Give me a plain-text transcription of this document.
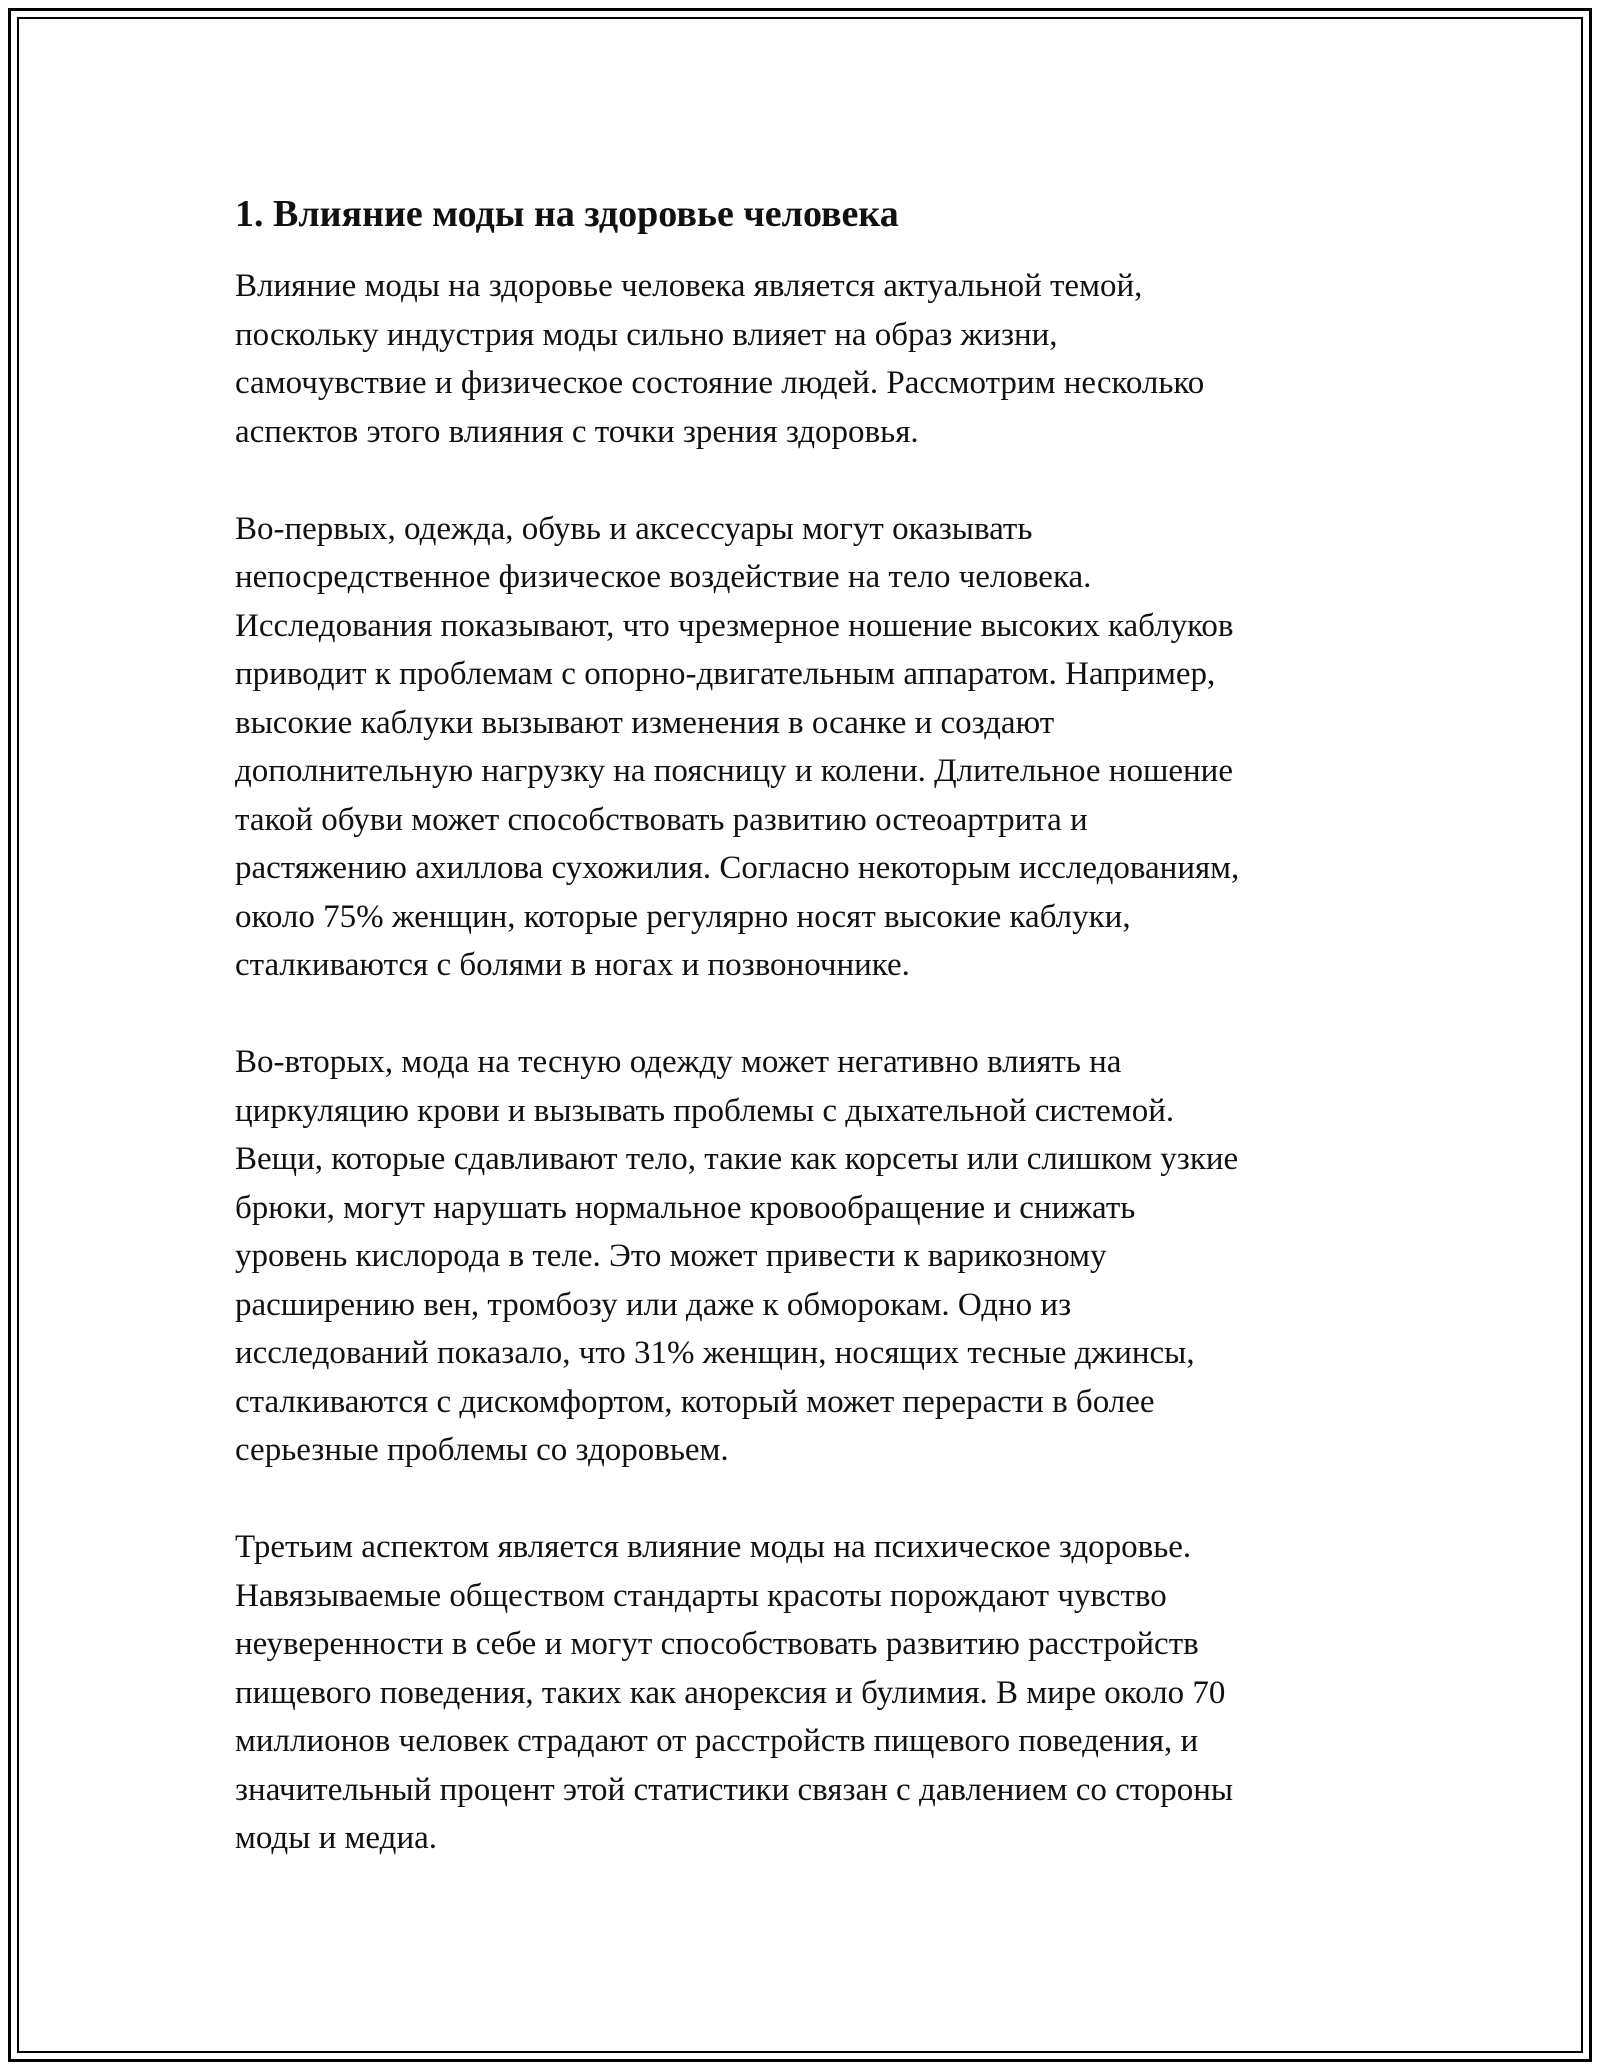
1. Влияние моды на здоровье человека

Влияние моды на здоровье человека является актуальной темой,
поскольку индустрия моды сильно влияет на образ жизни,
самочувствие и физическое состояние людей. Рассмотрим несколько
аспектов этого влияния с точки зрения здоровья.

Во-первых, одежда, обувь и аксессуары могут оказывать
непосредственное физическое воздействие на тело человека.
Исследования показывают, что чрезмерное ношение высоких каблуков
приводит к проблемам с опорно-двигательным аппаратом. Например,
высокие каблуки вызывают изменения в осанке и создают
дополнительную нагрузку на поясницу и колени. Длительное ношение
такой обуви может способствовать развитию остеоартрита и
растяжению ахиллова сухожилия. Согласно некоторым исследованиям,
около 75% женщин, которые регулярно носят высокие каблуки,
сталкиваются с болями в ногах и позвоночнике.

Во-вторых, мода на тесную одежду может негативно влиять на
циркуляцию крови и вызывать проблемы с дыхательной системой.
Вещи, которые сдавливают тело, такие как корсеты или слишком узкие
брюки, могут нарушать нормальное кровообращение и снижать
уровень кислорода в теле. Это может привести к варикозному
расширению вен, тромбозу или даже к обморокам. Одно из
исследований показало, что 31% женщин, носящих тесные джинсы,
сталкиваются с дискомфортом, который может перерасти в более
серьезные проблемы со здоровьем.

Третьим аспектом является влияние моды на психическое здоровье.
Навязываемые обществом стандарты красоты порождают чувство
неуверенности в себе и могут способствовать развитию расстройств
пищевого поведения, таких как анорексия и булимия. В мире около 70
миллионов человек страдают от расстройств пищевого поведения, и
значительный процент этой статистики связан с давлением со стороны
моды и медиа.
